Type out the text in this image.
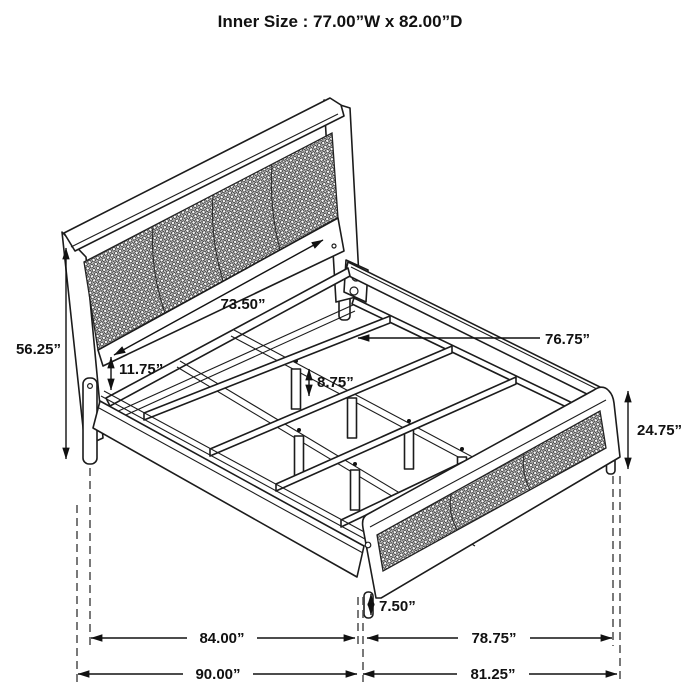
56.25”
73.50”
11.75”
8.75”
76.75”
24.75”
7.50”
84.00”	78.75”
90.00”	81.25”
Inner Size : 77.00”W x 82.00”D
